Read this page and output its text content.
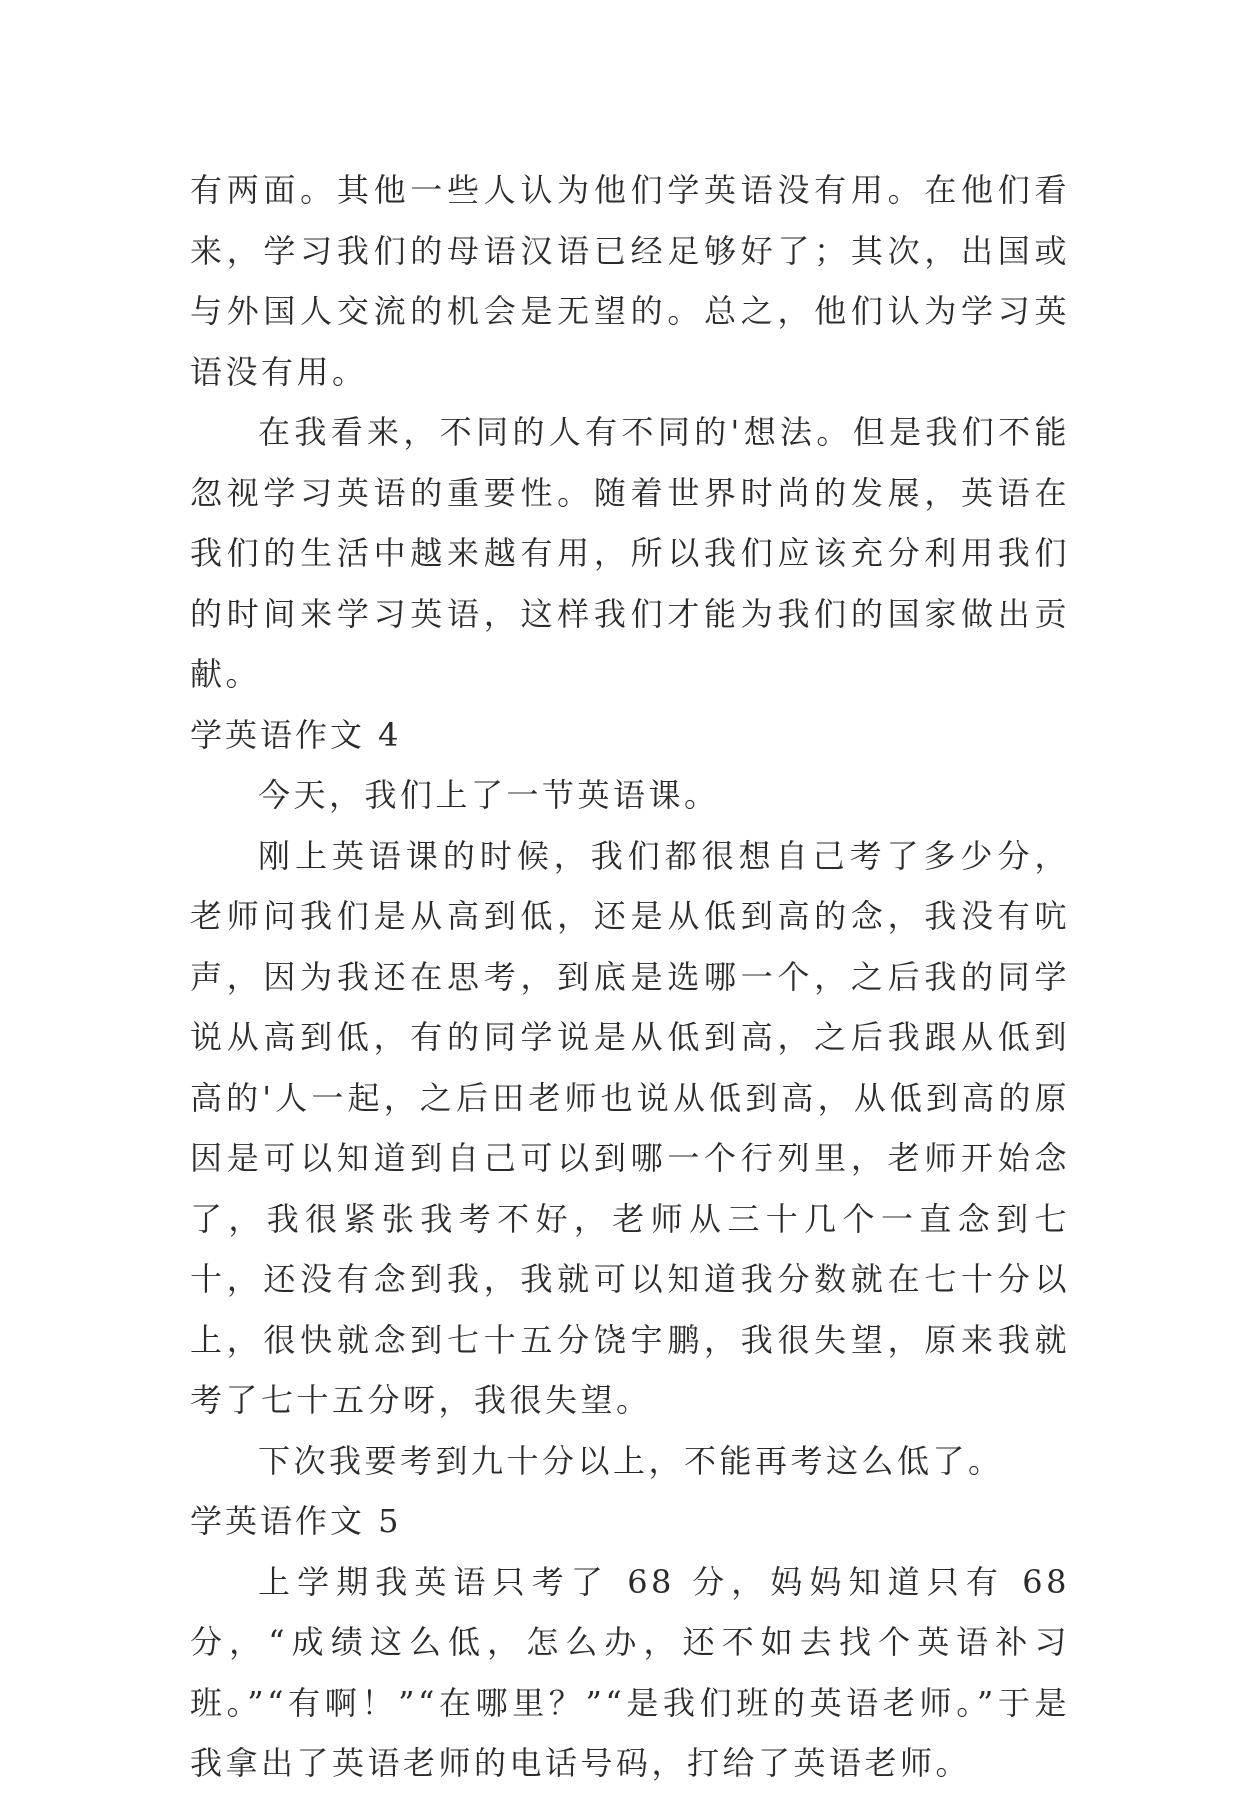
有两面。其他一些人认为他们学英语没有用。在他们看来，学习我们的母语汉语已经足够好了；其次，出国或与外国人交流的机会是无望的。总之，他们认为学习英语没有用。

在我看来，不同的人有不同的'想法。但是我们不能忽视学习英语的重要性。随着世界时尚的发展，英语在我们的生活中越来越有用，所以我们应该充分利用我们的时间来学习英语，这样我们才能为我们的国家做出贡献。

学英语作文 4

今天，我们上了一节英语课。

刚上英语课的时候，我们都很想自己考了多少分，老师问我们是从高到低，还是从低到高的念，我没有吭声，因为我还在思考，到底是选哪一个，之后我的同学说从高到低，有的同学说是从低到高，之后我跟从低到高的'人一起，之后田老师也说从低到高，从低到高的原因是可以知道到自己可以到哪一个行列里，老师开始念了，我很紧张我考不好，老师从三十几个一直念到七十，还没有念到我，我就可以知道我分数就在七十分以上，很快就念到七十五分饶宇鹏，我很失望，原来我就考了七十五分呀，我很失望。

下次我要考到九十分以上，不能再考这么低了。

学英语作文 5

上学期我英语只考了 68 分，妈妈知道只有 68 分，“成绩这么低，怎么办，还不如去找个英语补习班。”“有啊！”“在哪里？”“是我们班的英语老师。”于是我拿出了英语老师的电话号码，打给了英语老师。
